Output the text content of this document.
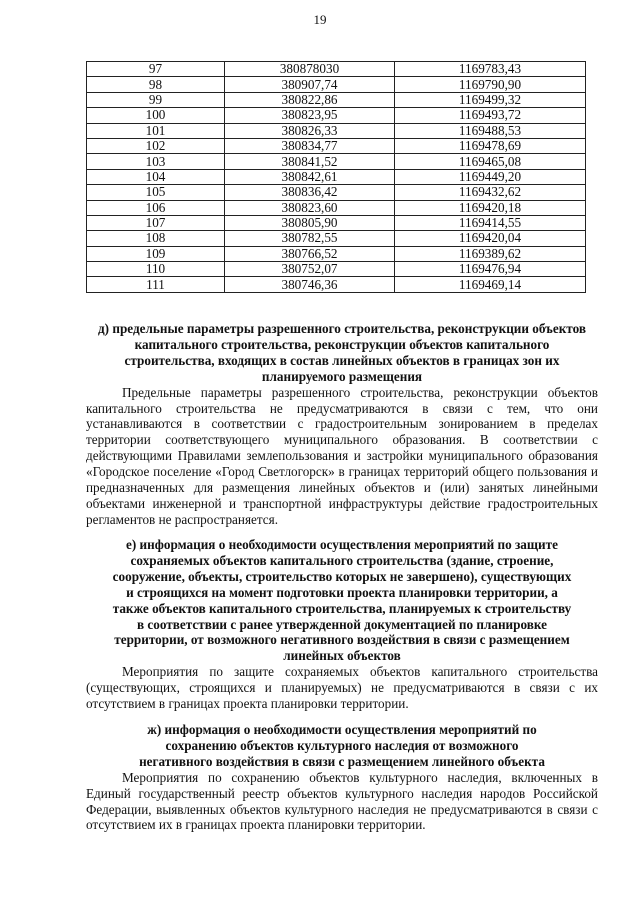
19
97	380878030	1169783,43
98	380907,74	1169790,90
99	380822,86	1169499,32
100	380823,95	1169493,72
101	380826,33	1169488,53
102	380834,77	1169478,69
103	380841,52	1169465,08
104	380842,61	1169449,20
105	380836,42	1169432,62
106	380823,60	1169420,18
107	380805,90	1169414,55
108	380782,55	1169420,04
109	380766,52	1169389,62
110	380752,07	1169476,94
111	380746,36	1169469,14

д) предельные параметры разрешенного строительства, реконструкции объектов капитального строительства, реконструкции объектов капитального строительства, входящих в состав линейных объектов в границах зон их планируемого размещения

Предельные параметры разрешенного строительства, реконструкции объектов капитального строительства не предусматриваются в связи с тем, что они устанавливаются в соответствии с градостроительным зонированием в пределах территории соответствующего муниципального образования. В соответствии с действующими Правилами землепользования и застройки муниципального образования «Городское поселение «Город Светлогорск» в границах территорий общего пользования и предназначенных для размещения линейных объектов и (или) занятых линейными объектами инженерной и транспортной инфраструктуры действие градостроительных регламентов не распространяется.

е) информация о необходимости осуществления мероприятий по защите сохраняемых объектов капитального строительства (здание, строение, сооружение, объекты, строительство которых не завершено), существующих и строящихся на момент подготовки проекта планировки территории, а также объектов капитального строительства, планируемых к строительству в соответствии с ранее утвержденной документацией по планировке территории, от возможного негативного воздействия в связи с размещением линейных объектов

Мероприятия по защите сохраняемых объектов капитального строительства (существующих, строящихся и планируемых) не предусматриваются в связи с их отсутствием в границах проекта планировки территории.

ж) информация о необходимости осуществления мероприятий по сохранению объектов культурного наследия от возможного негативного воздействия в связи с размещением линейного объекта

Мероприятия по сохранению объектов культурного наследия, включенных в Единый государственный реестр объектов культурного наследия народов Российской Федерации, выявленных объектов культурного наследия не предусматриваются в связи с отсутствием их в границах проекта планировки территории.
